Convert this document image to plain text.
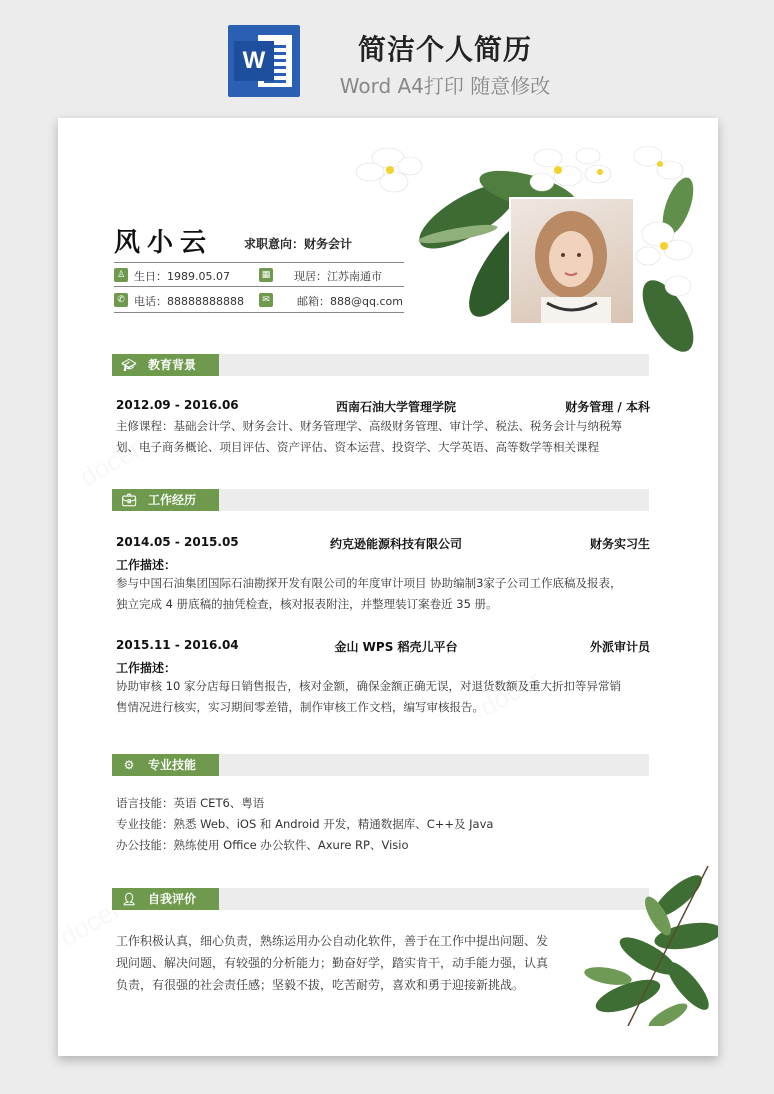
W	简洁个人简历
Word A4打印 随意修改
风小云	求职意向：财务会计
♙ 生日：1989.05.07	▦ 现居：江苏南通市
✆ 电话：88888888888	✉ 邮箱：888@qq.com
🎓︎ 教育背景
2012.09 - 2016.06	西南石油大学管理学院	财务管理 / 本科
主修课程：基础会计学、财务会计、财务管理学、高级财务管理、审计学、税法、税务会计与纳税筹
划、电子商务概论、项目评估、资产评估、资本运营、投资学、大学英语、高等数学等相关课程
💼︎ 工作经历
2014.05 - 2015.05	约克逊能源科技有限公司	财务实习生
工作描述：
参与中国石油集团国际石油勘探开发有限公司的年度审计项目 协助编制3家子公司工作底稿及报表，
独立完成 4 册底稿的抽凭检查，核对报表附注，并整理装订案卷近 35 册。
2015.11 - 2016.04	金山 WPS 稻壳儿平台	外派审计员
工作描述：
协助审核 10 家分店每日销售报告，核对金额，确保金额正确无误，对退货数额及重大折扣等异常销
售情况进行核实，实习期间零差错，制作审核工作文档，编写审核报告。
⚙ 专业技能
语言技能：英语 CET6、粤语
专业技能：熟悉 Web、iOS 和 Android 开发，精通数据库、C++及 Java
办公技能：熟练使用 Office 办公软件、Axure RP、Visio
👤︎ 自我评价
工作积极认真，细心负责，熟练运用办公自动化软件，善于在工作中提出问题、发
现问题、解决问题，有较强的分析能力；勤奋好学，踏实肯干，动手能力强，认真
负责，有很强的社会责任感；坚毅不拔，吃苦耐劳，喜欢和勇于迎接新挑战。
